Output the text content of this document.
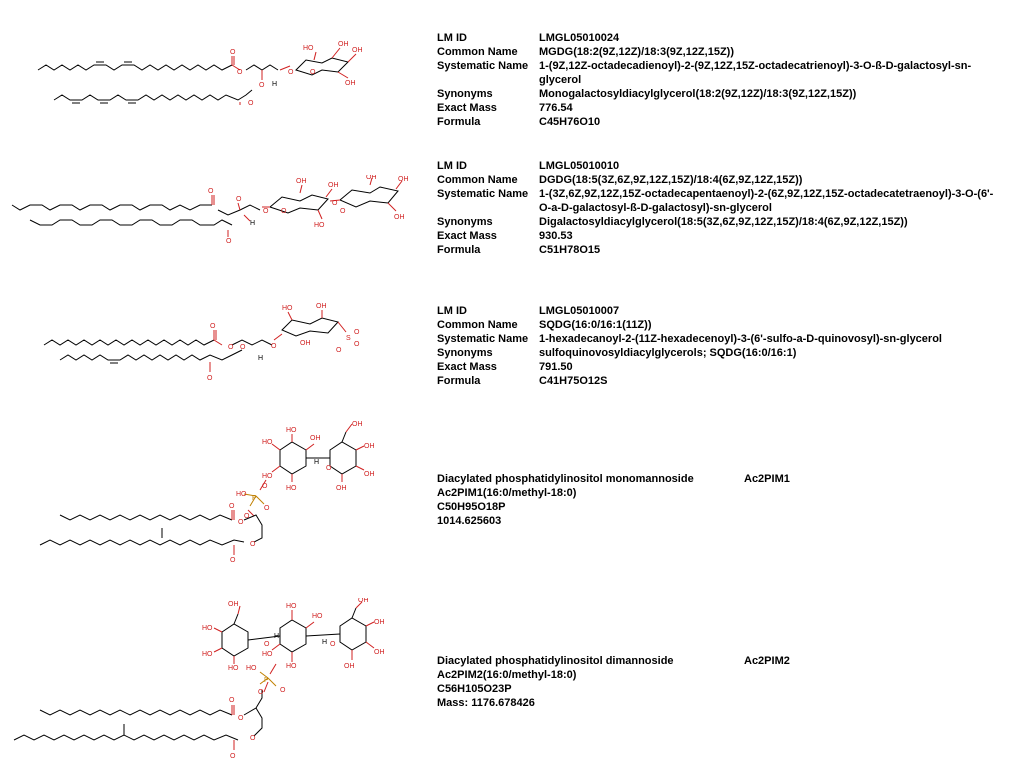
O
O
O
O
H
O O
HO
OH
OH
OH
LM ID	LMGL05010024
Common Name	MGDG(18:2(9Z,12Z)/18:3(9Z,12Z,15Z))
Systematic Name	1-(9Z,12Z-octadecadienoyl)-2-(9Z,12Z,15Z-octadecatrienoyl)-3-O-ß-D-galactosyl-sn-glycerol
Synonyms	Monogalactosyldiacylglycerol(18:2(9Z,12Z)/18:3(9Z,12Z,15Z))
Exact Mass	776.54
Formula	C45H76O10
O
O
H
O
O O
OH
OH
HO
O
O
OH	OH
OH
LM ID	LMGL05010010
Common Name	DGDG(18:5(3Z,6Z,9Z,12Z,15Z)/18:4(6Z,9Z,12Z,15Z))
Systematic Name	1-(3Z,6Z,9Z,12Z,15Z-octadecapentaenoyl)-2-(6Z,9Z,12Z,15Z-octadecatetraenoyl)-3-O-(6'-O-a-D-galactosyl-ß-D-galactosyl)-sn-glycerol
Synonyms	Digalactosyldiacylglycerol(18:5(3Z,6Z,9Z,12Z,15Z)/18:4(6Z,9Z,12Z,15Z))
Exact Mass	930.53
Formula	C51H78O15
O
O O
O
O
H
HO	OH
OH
S
O
O
O
LM ID	LMGL05010007
Common Name	SQDG(16:0/16:1(11Z))
Systematic Name	1-hexadecanoyl-2-(11Z-hexadecenoyl)-3-(6'-sulfo-a-D-quinovosyl)-sn-glycerol
Synonyms	sulfoquinovosyldiacylglycerols; SQDG(16:0/16:1)
Exact Mass	791.50
Formula	C41H75O12S
HO
HO
OH
HO
HO
H
OH
OH
OH
OH
O
O
P
HO
O
O
O
O
O
O
Diacylated phosphatidylinositol monomannoside	Ac2PIM1
Ac2PIM1(16:0/methyl-18:0)
C50H95O18P
1014.625603
OH
HO
HO
HO
O
H
HO
HO
HO
HO
H
OH
OH
OH
OH
O
HO
P
O
O
O
O
O
O
Diacylated phosphatidylinositol dimannoside	Ac2PIM2
Ac2PIM2(16:0/methyl-18:0)
C56H105O23P
Mass: 1176.678426
